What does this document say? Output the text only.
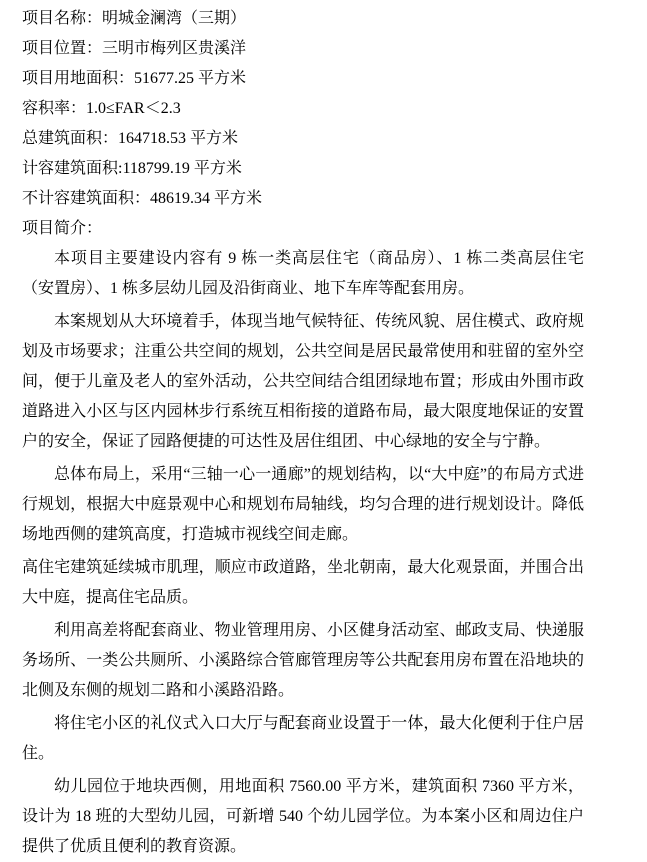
项目名称：明城金澜湾（三期）

项目位置：三明市梅列区贵溪洋

项目用地面积：51677.25 平方米

容积率：1.0≤FAR＜2.3

总建筑面积：164718.53 平方米

计容建筑面积:118799.19 平方米

不计容建筑面积：48619.34 平方米

项目简介：

本项目主要建设内容有 9 栋一类高层住宅（商品房）、1 栋二类高层住宅（安置房）、1 栋多层幼儿园及沿街商业、地下车库等配套用房。

本案规划从大环境着手，体现当地气候特征、传统风貌、居住模式、政府规划及市场要求；注重公共空间的规划，公共空间是居民最常使用和驻留的室外空间，便于儿童及老人的室外活动，公共空间结合组团绿地布置；形成由外围市政道路进入小区与区内园林步行系统互相衔接的道路布局，最大限度地保证的安置户的安全，保证了园路便捷的可达性及居住组团、中心绿地的安全与宁静。

总体布局上，采用“三轴一心一通廊”的规划结构，以“大中庭”的布局方式进行规划，根据大中庭景观中心和规划布局轴线，均匀合理的进行规划设计。降低场地西侧的建筑高度，打造城市视线空间走廊。

高住宅建筑延续城市肌理，顺应市政道路，坐北朝南，最大化观景面，并围合出大中庭，提高住宅品质。

利用高差将配套商业、物业管理用房、小区健身活动室、邮政支局、快递服务场所、一类公共厕所、小溪路综合管廊管理房等公共配套用房布置在沿地块的北侧及东侧的规划二路和小溪路沿路。

将住宅小区的礼仪式入口大厅与配套商业设置于一体，最大化便利于住户居住。

幼儿园位于地块西侧，用地面积 7560.00 平方米，建筑面积 7360 平方米，设计为 18 班的大型幼儿园，可新增 540 个幼儿园学位。为本案小区和周边住户提供了优质且便利的教育资源。
